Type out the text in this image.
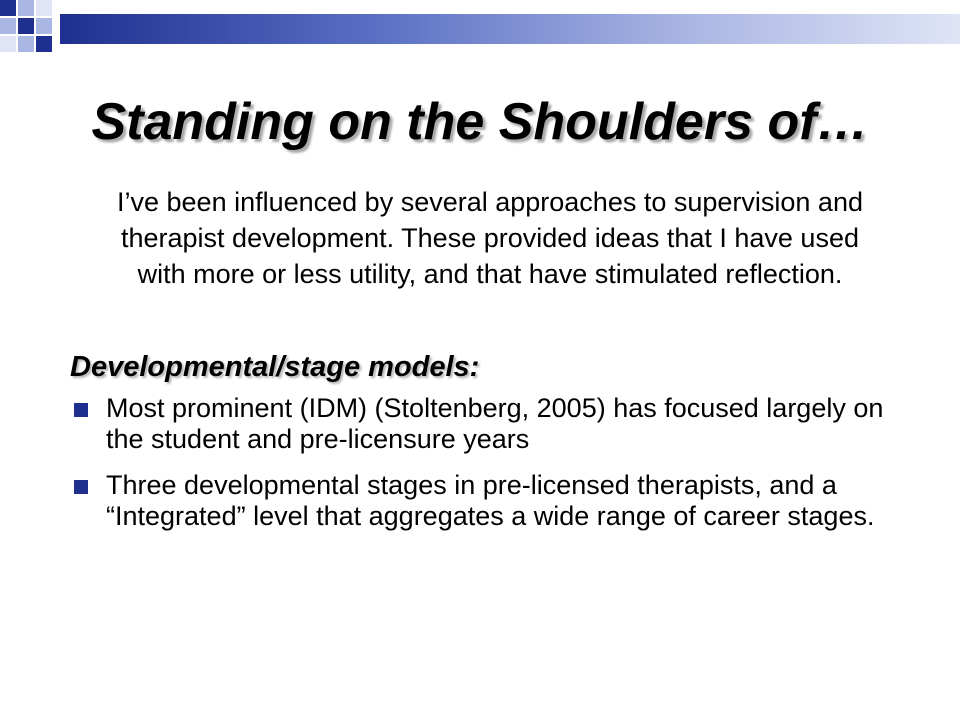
Standing on the Shoulders of…

I’ve been influenced by several approaches to supervision and therapist development. These provided ideas that I have used with more or less utility, and that have stimulated reflection.

Developmental/stage models:
Most prominent (IDM) (Stoltenberg, 2005) has focused largely on the student and pre-licensure years
Three developmental stages in pre-licensed therapists, and a “Integrated” level that aggregates a wide range of career stages.
